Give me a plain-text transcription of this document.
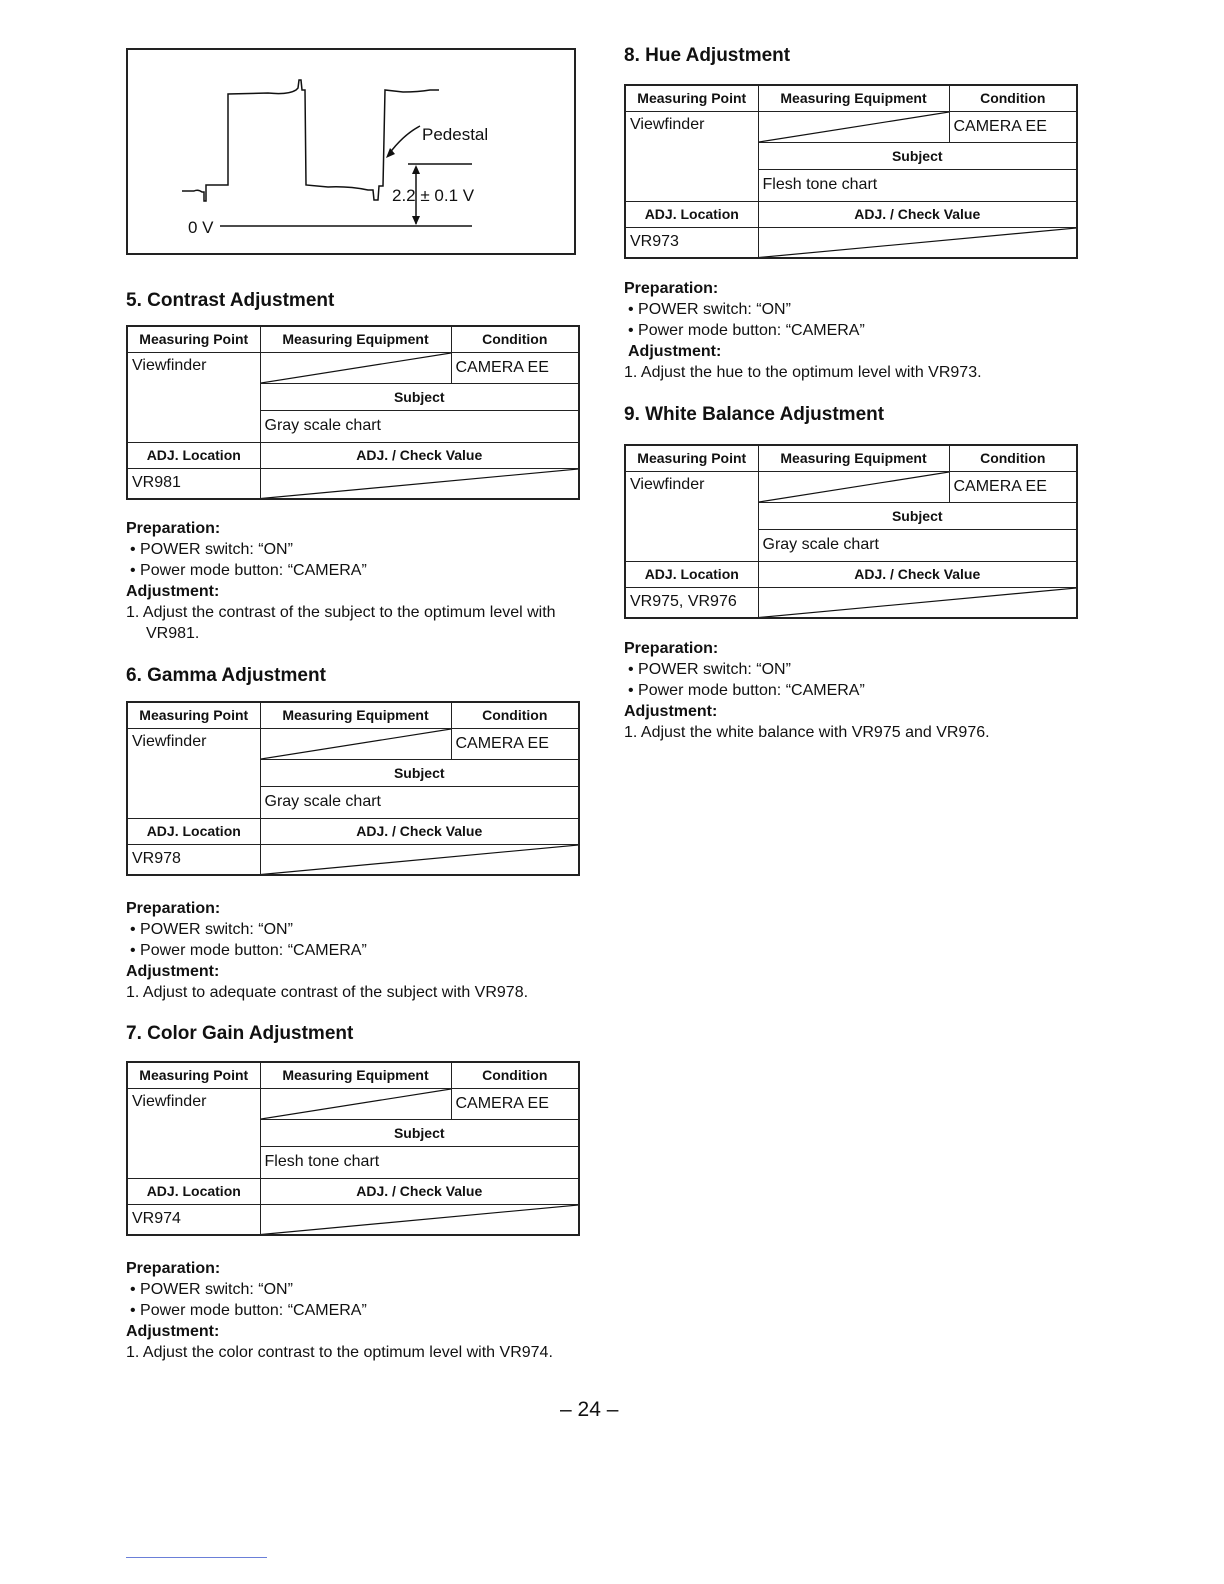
Pedestal
2.2 ± 0.1 V
0 V
5. Contrast Adjustment
Measuring Point	Measuring Equipment	Condition
Viewfinder		CAMERA EE
	Subject	
	Gray scale chart	
ADJ. Location	ADJ. / Check Value	
VR981	
Preparation:
• POWER switch: “ON”
• Power mode button: “CAMERA”
Adjustment:
1. Adjust the contrast of the subject to the optimum level with VR981.
6. Gamma Adjustment
Measuring Point	Measuring Equipment	Condition
Viewfinder		CAMERA EE
	Subject	
	Gray scale chart	
ADJ. Location	ADJ. / Check Value	
VR978	
Preparation:
• POWER switch: “ON”
• Power mode button: “CAMERA”
Adjustment:
1. Adjust to adequate contrast of the subject with VR978.
7. Color Gain Adjustment
Measuring Point	Measuring Equipment	Condition
Viewfinder		CAMERA EE
	Subject	
	Flesh tone chart	
ADJ. Location	ADJ. / Check Value	
VR974	
Preparation:
• POWER switch: “ON”
• Power mode button: “CAMERA”
Adjustment:
1. Adjust the color contrast to the optimum level with VR974.
8. Hue Adjustment
Measuring Point	Measuring Equipment	Condition
Viewfinder		CAMERA EE
	Subject	
	Flesh tone chart	
ADJ. Location	ADJ. / Check Value	
VR973	
Preparation:
• POWER switch: “ON”
• Power mode button: “CAMERA”
Adjustment:
1. Adjust the hue to the optimum level with VR973.
9. White Balance Adjustment
Measuring Point	Measuring Equipment	Condition
Viewfinder		CAMERA EE
	Subject	
	Gray scale chart	
ADJ. Location	ADJ. / Check Value	
VR975, VR976	
Preparation:
• POWER switch: “ON”
• Power mode button: “CAMERA”
Adjustment:
1. Adjust the white balance with VR975 and VR976.
– 24 –
